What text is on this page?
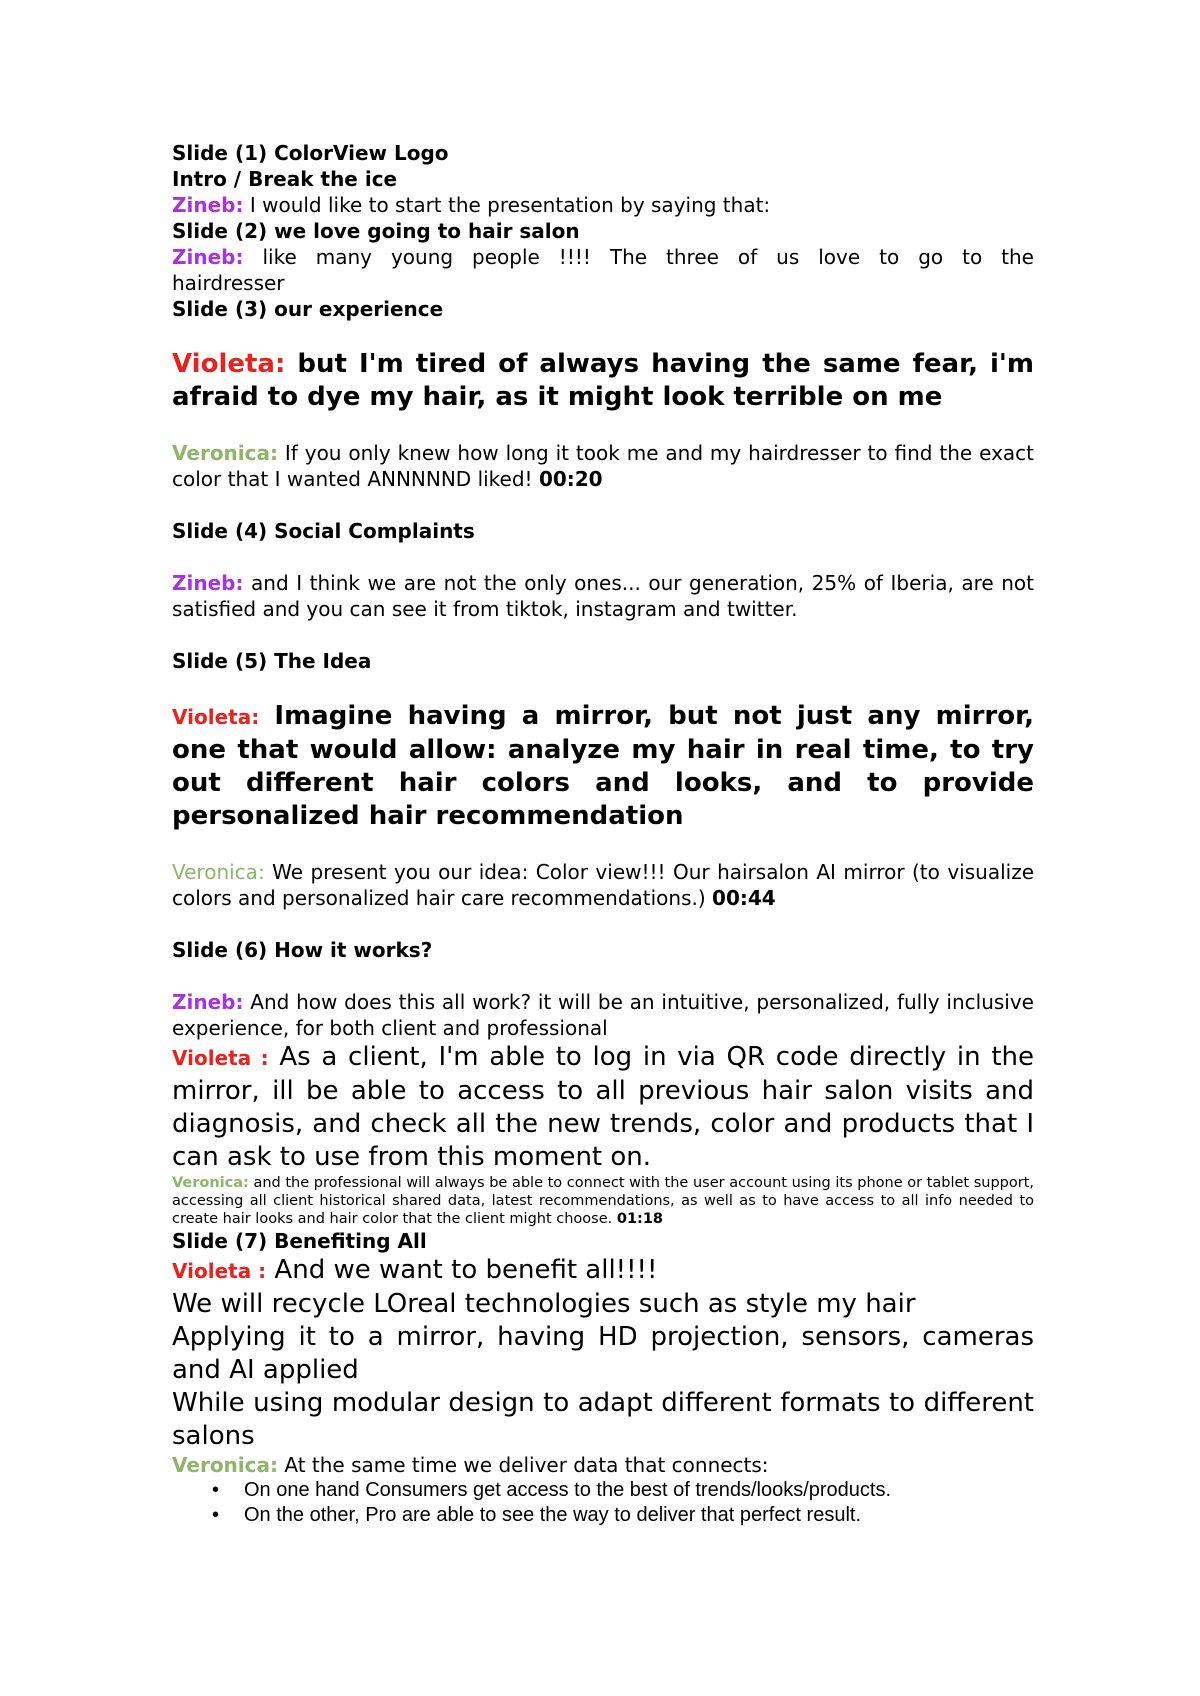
Slide (1) ColorView Logo
Intro / Break the ice
Zineb: I would like to start the presentation by saying that:
Slide (2) we love going to hair salon
Zineb: like many young people !!!! The three of us love to go to the hairdresser
Slide (3) our experience
Violeta: but I'm tired of always having the same fear, i'm afraid to dye my hair, as it might look terrible on me
Veronica: If you only knew how long it took me and my hairdresser to find the exact color that I wanted ANNNNND liked! 00:20
Slide (4) Social Complaints
Zineb: and I think we are not the only ones... our generation, 25% of Iberia, are not satisfied and you can see it from tiktok, instagram and twitter.
Slide (5) The Idea
Violeta: Imagine having a mirror, but not just any mirror, one that would allow: analyze my hair in real time, to try out different hair colors and looks, and to provide personalized hair recommendation
Veronica: We present you our idea: Color view!!! Our hairsalon AI mirror (to visualize colors and personalized hair care recommendations.) 00:44
Slide (6) How it works?
Zineb: And how does this all work? it will be an intuitive, personalized, fully inclusive experience, for both client and professional
Violeta : As a client, I'm able to log in via QR code directly in the mirror, ill be able to access to all previous hair salon visits and diagnosis, and check all the new trends, color and products that I can ask to use from this moment on.
Veronica: and the professional will always be able to connect with the user account using its phone or tablet support, accessing all client historical shared data, latest recommendations, as well as to have access to all info needed to create hair looks and hair color that the client might choose. 01:18
Slide (7) Benefiting All
Violeta : And we want to benefit all!!!!
We will recycle LOreal technologies such as style my hair
Applying it to a mirror, having HD projection, sensors, cameras and AI applied
While using modular design to adapt different formats to different salons
Veronica: At the same time we deliver data that connects:
• On one hand Consumers get access to the best of trends/looks/products.
• On the other, Pro are able to see the way to deliver that perfect result.
